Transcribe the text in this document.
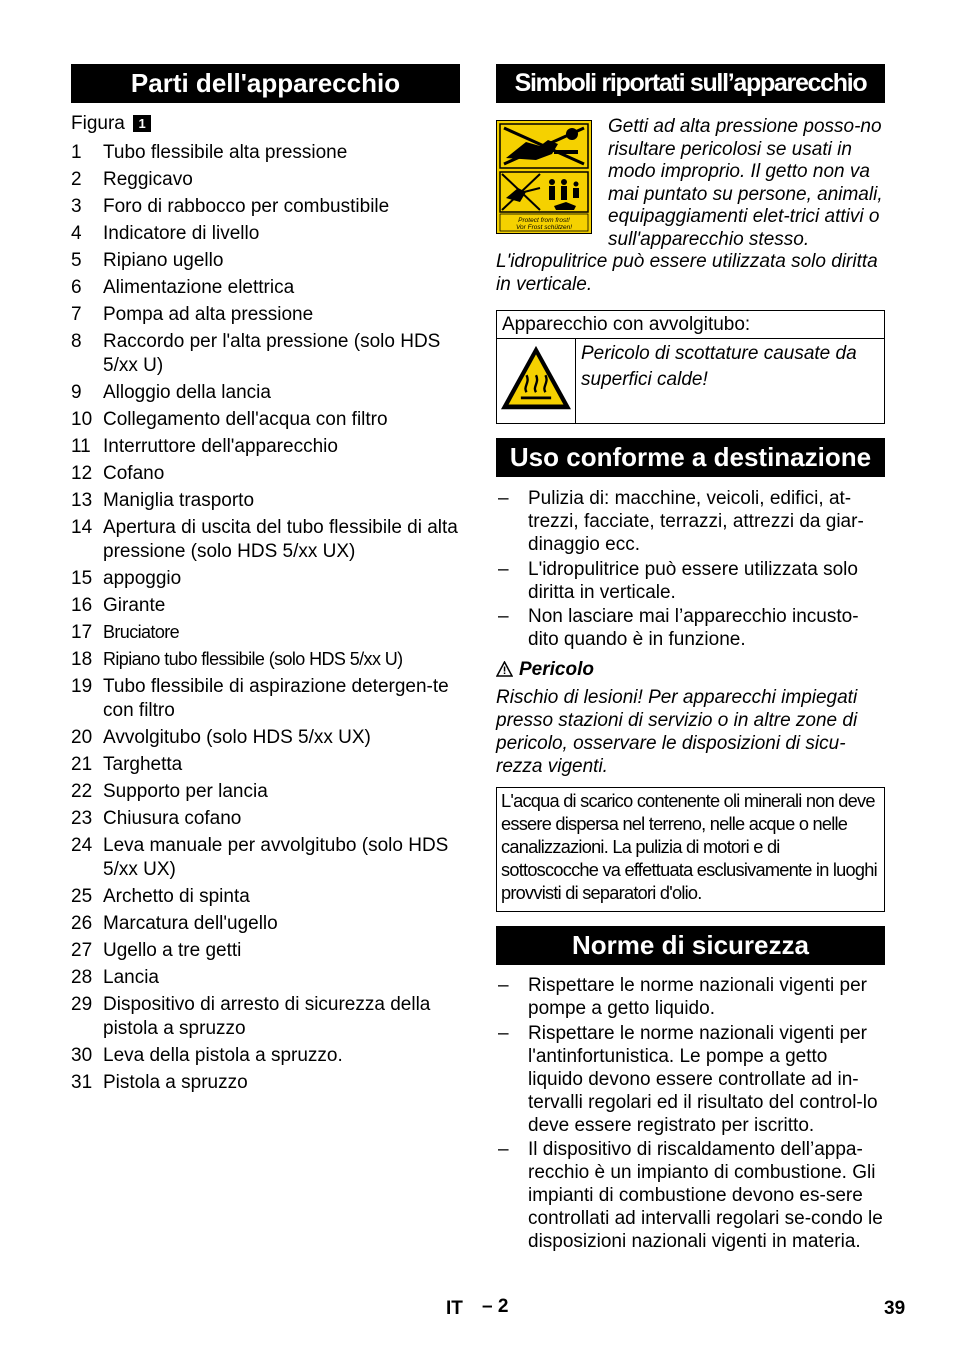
Parti dell'apparecchio
Figura 1
1	Tubo flessibile alta pressione
2	Reggicavo
3	Foro di rabbocco per combustibile
4	Indicatore di livello
5	Ripiano ugello
6	Alimentazione elettrica
7	Pompa ad alta pressione
8	Raccordo per l'alta pressione (solo HDS 5/xx U)
9	Alloggio della lancia
10 Collegamento dell'acqua con filtro
11 Interruttore dell'apparecchio
12 Cofano
13 Maniglia trasporto
14 Apertura di uscita del tubo flessibile di alta pressione (solo HDS 5/xx UX)
15 appoggio
16 Girante
17 Bruciatore
18 Ripiano tubo flessibile (solo HDS 5/xx U)
19 Tubo flessibile di aspirazione detergen-te con filtro
20 Avvolgitubo (solo HDS 5/xx UX)
21 Targhetta
22 Supporto per lancia
23 Chiusura cofano
24 Leva manuale per avvolgitubo (solo HDS 5/xx UX)
25 Archetto di spinta
26 Marcatura dell'ugello
27 Ugello a tre getti
28 Lancia
29 Dispositivo di arresto di sicurezza della pistola a spruzzo
30 Leva della pistola a spruzzo.
31 Pistola a spruzzo
Simboli riportati sull’apparecchio
Protect from frost!
Vor Frost schützen!
Getti ad alta pressione posso-no risultare pericolosi se usati in modo improprio. Il getto non va mai puntato su persone, animali, equipaggiamenti elet-trici attivi o sull'apparecchio stesso. L'idropulitrice può essere utilizzata solo diritta in verticale.
Apparecchio con avvolgitubo:
	Pericolo di scottature causate da superfici calde!
Uso conforme a destinazione
–	Pulizia di: macchine, veicoli, edifici, at-trezzi, facciate, terrazzi, attrezzi da giar-dinaggio ecc.
–	L'idropulitrice può essere utilizzata solo diritta in verticale.
–	Non lasciare mai l’apparecchio incusto-dito quando è in funzione.
Pericolo
Rischio di lesioni! Per apparecchi impiegati presso stazioni di servizio o in altre zone di pericolo, osservare le disposizioni di sicu-rezza vigenti.
L'acqua di scarico contenente oli minerali non deve essere dispersa nel terreno, nelle acque o nelle canalizzazioni. La pulizia di motori e di sottoscocche va effettuata esclusivamente in luoghi provvisti di separatori d'olio.
Norme di sicurezza
–	Rispettare le norme nazionali vigenti per pompe a getto liquido.
–	Rispettare le norme nazionali vigenti per l'antinfortunistica. Le pompe a getto liquido devono essere controllate ad in-tervalli regolari ed il risultato del control-lo deve essere registrato per iscritto.
–	Il dispositivo di riscaldamento dell’appa-recchio è un impianto di combustione. Gli impianti di combustione devono es-sere controllati ad intervalli regolari se-condo le disposizioni nazionali vigenti in materia.
IT – 2	39
